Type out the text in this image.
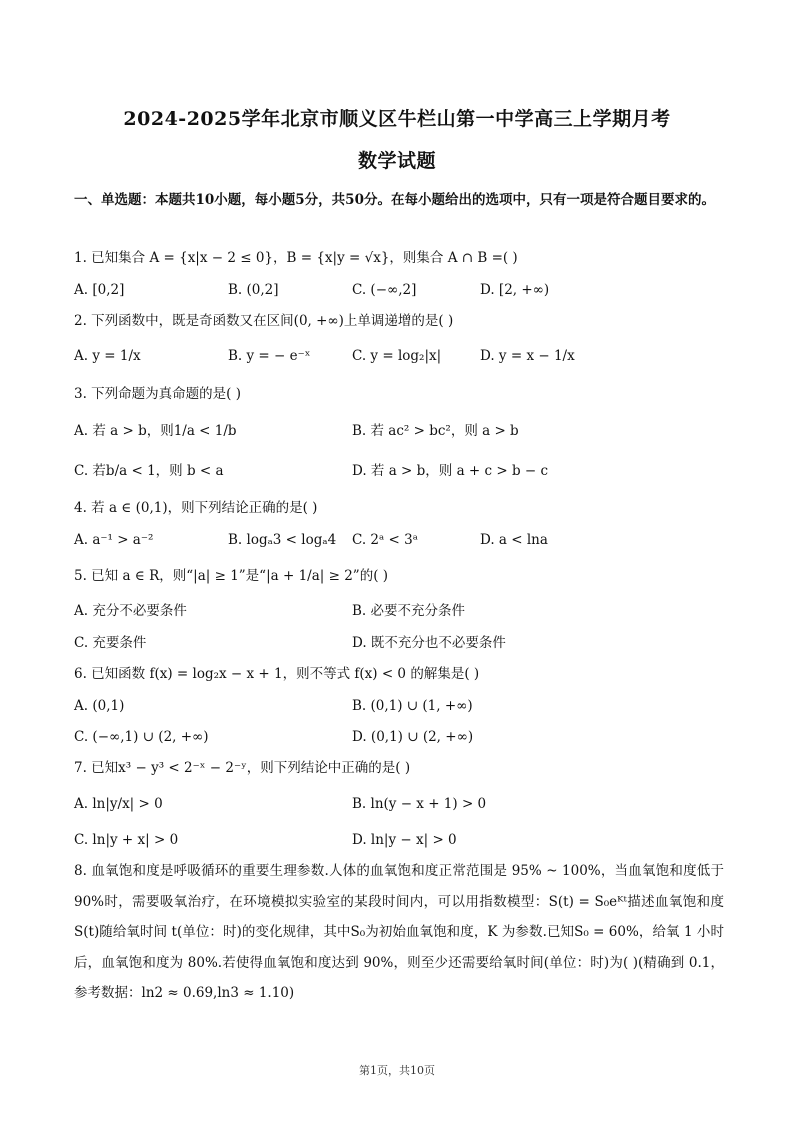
2024-2025学年北京市顺义区牛栏山第一中学高三上学期月考
数学试题
一、单选题：本题共10小题，每小题5分，共50分。在每小题给出的选项中，只有一项是符合题目要求的。
1. 已知集合 A = {x|x − 2 ≤ 0}，B = {x|y = √x}，则集合 A ∩ B =( )
A. [0,2]	B. (0,2]	C. (−∞,2]	D. [2, +∞)
2. 下列函数中，既是奇函数又在区间(0, +∞)上单调递增的是( )
A. y = 1/x	B. y = − e⁻ˣ	C. y = log₂|x|	D. y = x − 1/x
3. 下列命题为真命题的是( )
A. 若 a > b，则1/a < 1/b	B. 若 ac² > bc²，则 a > b
C. 若b/a < 1，则 b < a	D. 若 a > b，则 a + c > b − c
4. 若 a ∈ (0,1)，则下列结论正确的是( )
A. a⁻¹ > a⁻²	B. logₐ3 < logₐ4 C. 2ᵃ < 3ᵃ	D. a < lna
5. 已知 a ∈ R，则“|a| ≥ 1”是“|a + 1/a| ≥ 2”的( )
A. 充分不必要条件	B. 必要不充分条件
C. 充要条件	D. 既不充分也不必要条件
6. 已知函数 f(x) = log₂x − x + 1，则不等式 f(x) < 0 的解集是( )
A. (0,1)	B. (0,1) ∪ (1, +∞)
C. (−∞,1) ∪ (2, +∞)	D. (0,1) ∪ (2, +∞)
7. 已知x³ − y³ < 2⁻ˣ − 2⁻ʸ，则下列结论中正确的是( )
A. ln|y/x| > 0	B. ln(y − x + 1) > 0
C. ln|y + x| > 0	D. ln|y − x| > 0
8. 血氧饱和度是呼吸循环的重要生理参数.人体的血氧饱和度正常范围是 95% ~ 100%，当血氧饱和度低于90%时，需要吸氧治疗，在环境模拟实验室的某段时间内，可以用指数模型：S(t) = S₀eᴷᵗ描述血氧饱和度S(t)随给氧时间 t(单位：时)的变化规律，其中S₀为初始血氧饱和度，K 为参数.已知S₀ = 60%，给氧 1 小时后，血氧饱和度为 80%.若使得血氧饱和度达到 90%，则至少还需要给氧时间(单位：时)为( )(精确到 0.1，参考数据：ln2 ≈ 0.69,ln3 ≈ 1.10)
第1页，共10页
